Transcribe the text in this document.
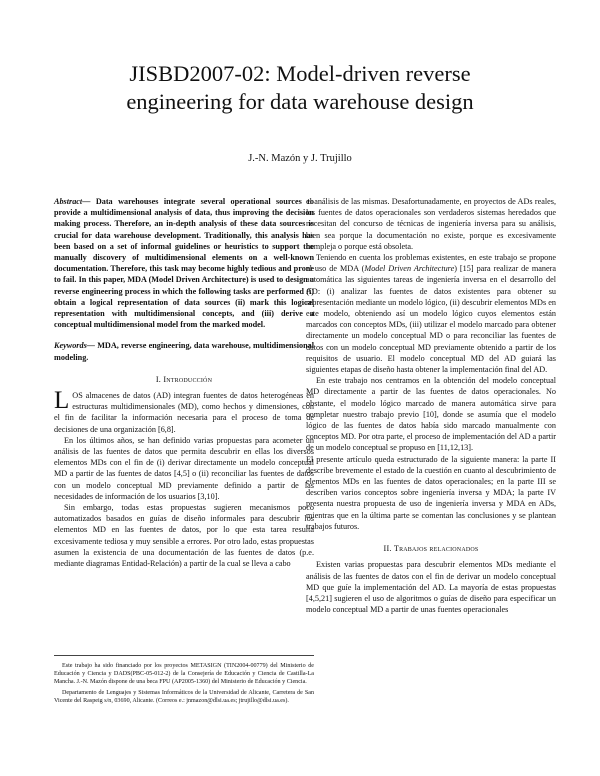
JISBD2007-02: Model-driven reverse
engineering for data warehouse design
J.-N. Mazón y J. Trujillo

Abstract— Data warehouses integrate several operational sources to provide a multidimensional analysis of data, thus improving the decision making process. Therefore, an in-depth analysis of these data sources is crucial for data warehouse development. Traditionally, this analysis has been based on a set of informal guidelines or heuristics to support the manually discovery of multidimensional elements on a well-known documentation. Therefore, this task may become highly tedious and prone to fail. In this paper, MDA (Model Driven Architecture) is used to design a reverse engineering process in which the following tasks are performed (i) obtain a logical representation of data sources (ii) mark this logical representation with multidimensional concepts, and (iii) derive a conceptual multidimensional model from the marked model.

Keywords— MDA, reverse engineering, data warehouse, multidimensional modeling.

I. Introducción

LOS almacenes de datos (AD) integran fuentes de datos heterogéneas en estructuras multidimensionales (MD), como hechos y dimensiones, con el fin de facilitar la información necesaria para el proceso de toma de decisiones de una organización [6,8].

En los últimos años, se han definido varias propuestas para acometer un análisis de las fuentes de datos que permita descubrir en ellas los diversos elementos MDs con el fin de (i) derivar directamente un modelo conceptual MD a partir de las fuentes de datos [4,5] o (ii) reconciliar las fuentes de datos con un modelo conceptual MD previamente definido a partir de las necesidades de información de los usuarios [3,10].

Sin embargo, todas estas propuestas sugieren mecanismos poco automatizados basados en guías de diseño informales para descubrir los elementos MD en las fuentes de datos, por lo que esta tarea resulta excesivamente tediosa y muy sensible a errores. Por otro lado, estas propuestas asumen la existencia de una documentación de las fuentes de datos (p.e. mediante diagramas Entidad-Relación) a partir de la cual se lleva a cabo

Este trabajo ha sido financiado por los proyectos METASIGN (TIN2004-00779) del Ministerio de Educación y Ciencia y DADS(PBC-05-012-2) de la Consejería de Educación y Ciencia de Castilla-La Mancha. J.-N. Mazón dispone de una beca FPU (AP2005-1360) del Ministerio de Educación y Ciencia.

Departamento de Lenguajes y Sistemas Informáticos de la Universidad de Alicante, Carretera de San Vicente del Raspeig s/n, 03690, Alicante. (Correos e.: jnmazon@dlsi.ua.es; jtrujillo@dlsi.ua.es).

el análisis de las mismas. Desafortunadamente, en proyectos de ADs reales, las fuentes de datos operacionales son verdaderos sistemas heredados que necesitan del concurso de técnicas de ingeniería inversa para su análisis, bien sea porque la documentación no existe, porque es excesivamente compleja o porque está obsoleta.

Teniendo en cuenta los problemas existentes, en este trabajo se propone el uso de MDA (Model Driven Architecture) [15] para realizar de manera automática las siguientes tareas de ingeniería inversa en el desarrollo del AD: (i) analizar las fuentes de datos existentes para obtener su representación mediante un modelo lógico, (ii) descubrir elementos MDs en este modelo, obteniendo así un modelo lógico cuyos elementos están marcados con conceptos MDs, (iii) utilizar el modelo marcado para obtener directamente un modelo conceptual MD o para reconciliar las fuentes de datos con un modelo conceptual MD previamente obtenido a partir de los requisitos de usuario. El modelo conceptual MD del AD guiará las siguientes etapas de diseño hasta obtener la implementación final del AD.

En este trabajo nos centramos en la obtención del modelo conceptual MD directamente a partir de las fuentes de datos operacionales. No obstante, el modelo lógico marcado de manera automática sirve para completar nuestro trabajo previo [10], donde se asumía que el modelo lógico de las fuentes de datos había sido marcado manualmente con conceptos MD. Por otra parte, el proceso de implementación del AD a partir de un modelo conceptual se propuso en [11,12,13].

El presente artículo queda estructurado de la siguiente manera: la parte II describe brevemente el estado de la cuestión en cuanto al descubrimiento de elementos MDs en las fuentes de datos operacionales; en la parte III se describen varios conceptos sobre ingeniería inversa y MDA; la parte IV presenta nuestra propuesta de uso de ingeniería inversa y MDA en ADs, mientras que en la última parte se comentan las conclusiones y se plantean trabajos futuros.

II. Trabajos relacionados

Existen varias propuestas para descubrir elementos MDs mediante el análisis de las fuentes de datos con el fin de derivar un modelo conceptual MD que guíe la implementación del AD. La mayoría de estas propuestas [4,5,21] sugieren el uso de algoritmos o guías de diseño para especificar un modelo conceptual MD a partir de unas fuentes operacionales
